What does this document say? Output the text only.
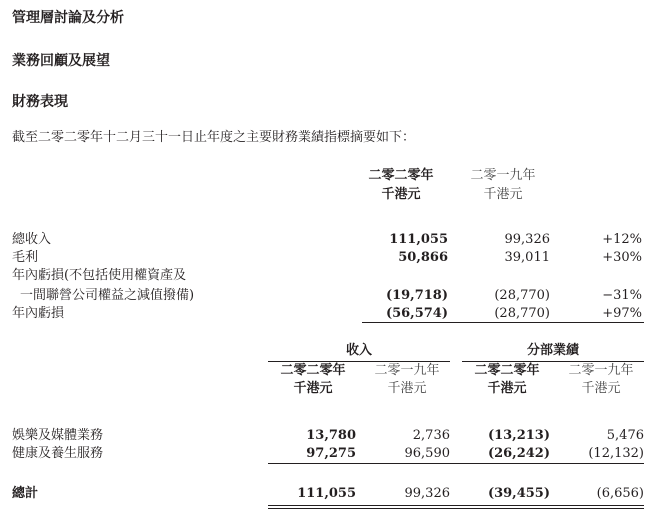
管理層討論及分析
業務回顧及展望
財務表現
截至二零二零年十二月三十一日止年度之主要財務業績指標摘要如下：
二零二零年	二零一九年
千港元	千港元
總收入	111,055	99,326	+12%
毛利	50,866	39,011	+30%
年內虧損(不包括使用權資產及
一間聯營公司權益之減值撥備)	(19,718)	(28,770)	−31%
年內虧損	(56,574)	(28,770)	+97%
收入	分部業績
二零二零年	二零一九年	二零二零年	二零一九年
千港元	千港元	千港元	千港元
娛樂及媒體業務	13,780	2,736	(13,213)	5,476
健康及養生服務	97,275	96,590	(26,242)	(12,132)
總計	111,055	99,326	(39,455)	(6,656)
